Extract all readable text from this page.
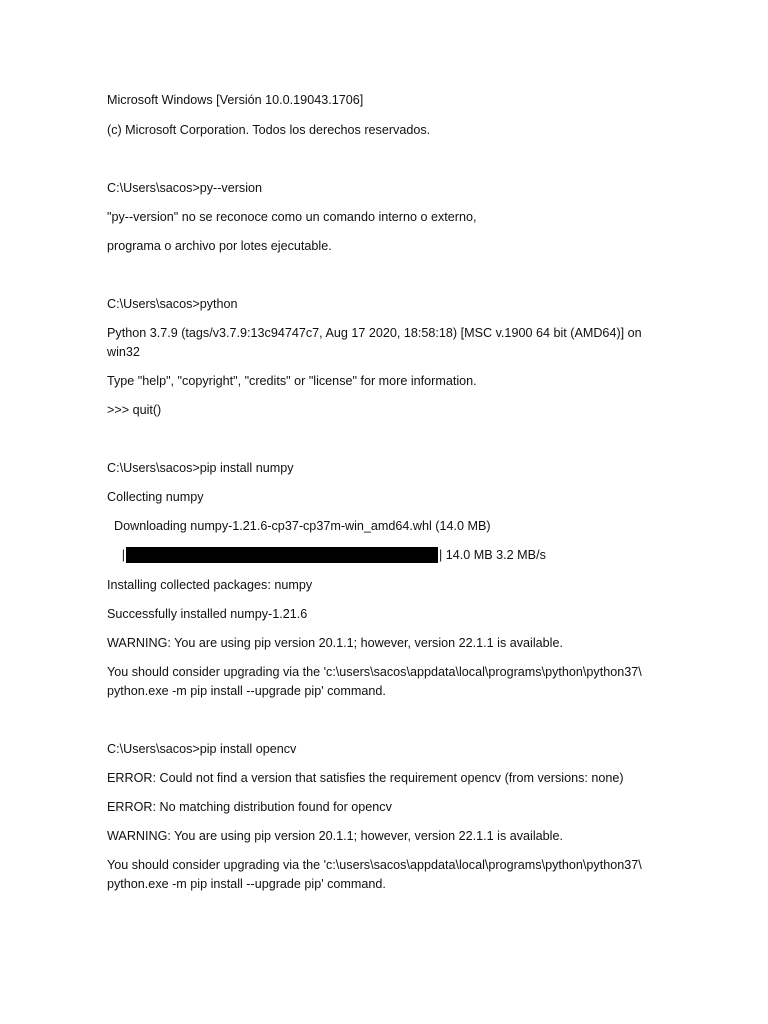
Microsoft Windows [Versión 10.0.19043.1706]
(c) Microsoft Corporation. Todos los derechos reservados.
C:\Users\sacos>py--version
"py--version" no se reconoce como un comando interno o externo,
programa o archivo por lotes ejecutable.
C:\Users\sacos>python
Python 3.7.9 (tags/v3.7.9:13c94747c7, Aug 17 2020, 18:58:18) [MSC v.1900 64 bit (AMD64)] on
win32
Type "help", "copyright", "credits" or "license" for more information.
>>> quit()
C:\Users\sacos>pip install numpy
Collecting numpy
Downloading numpy-1.21.6-cp37-cp37m-win_amd64.whl (14.0 MB)
|	| 14.0 MB 3.2 MB/s
Installing collected packages: numpy
Successfully installed numpy-1.21.6
WARNING: You are using pip version 20.1.1; however, version 22.1.1 is available.
You should consider upgrading via the 'c:\users\sacos\appdata\local\programs\python\python37\
python.exe -m pip install --upgrade pip' command.
C:\Users\sacos>pip install opencv
ERROR: Could not find a version that satisfies the requirement opencv (from versions: none)
ERROR: No matching distribution found for opencv
WARNING: You are using pip version 20.1.1; however, version 22.1.1 is available.
You should consider upgrading via the 'c:\users\sacos\appdata\local\programs\python\python37\
python.exe -m pip install --upgrade pip' command.
